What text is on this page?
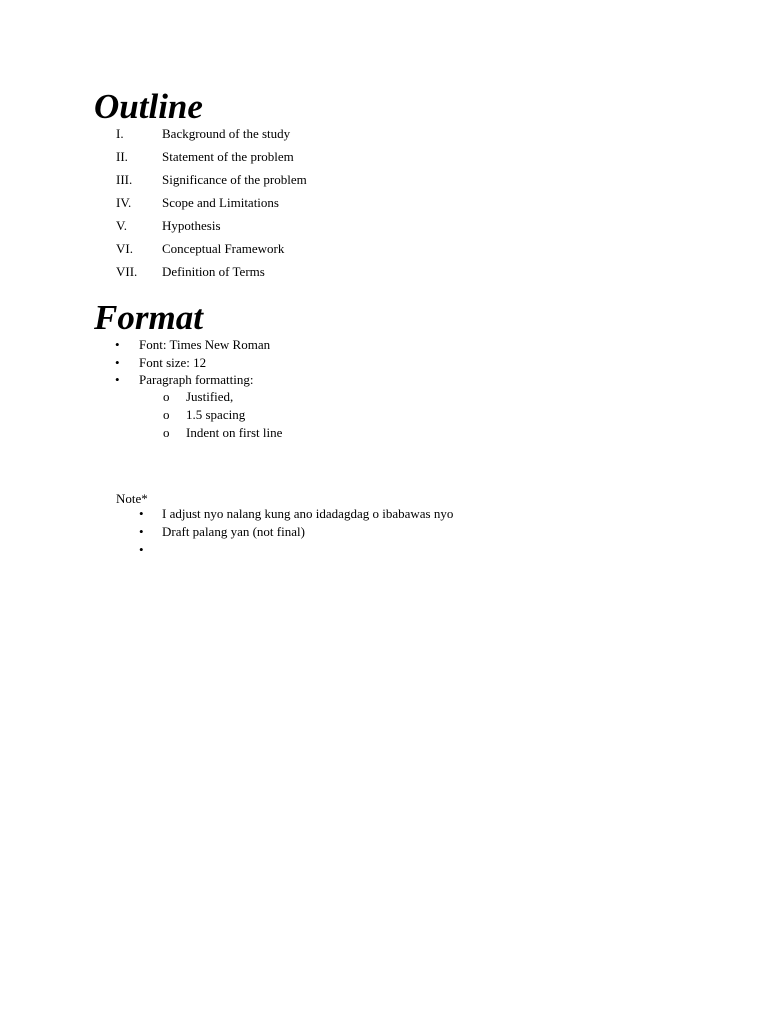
Outline
I.	Background of the study
II.	Statement of the problem
III. Significance of the problem
IV. Scope and Limitations
V.	Hypothesis
VI. Conceptual Framework
VII. Definition of Terms
Format
• Font: Times New Roman
• Font size: 12
• Paragraph formatting:
o Justified,
o 1.5 spacing
o Indent on first line

Note*

• I adjust nyo nalang kung ano idadagdag o ibabawas nyo
• Draft palang yan (not final)
•
